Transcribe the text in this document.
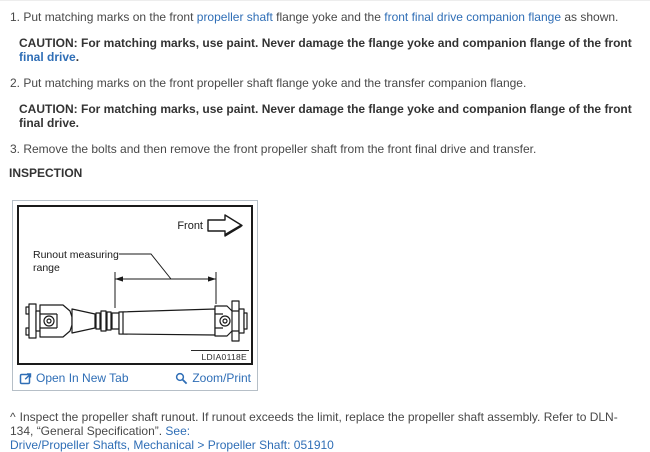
1. Put matching marks on the front propeller shaft flange yoke and the front final drive companion flange as shown.

CAUTION: For matching marks, use paint. Never damage the flange yoke and companion flange of the front final drive.

2. Put matching marks on the front propeller shaft flange yoke and the transfer companion flange.

CAUTION: For matching marks, use paint. Never damage the flange yoke and companion flange of the front final drive.

3. Remove the bolts and then remove the front propeller shaft from the front final drive and transfer.

INSPECTION
Front
Runout measuring
range
LDIA0118E
Open In New Tab	Zoom/Print

^ Inspect the propeller shaft runout. If runout exceeds the limit, replace the propeller shaft assembly. Refer to DLN-134, “General Specification”. See:

Drive/Propeller Shafts, Mechanical > Propeller Shaft: 051910
